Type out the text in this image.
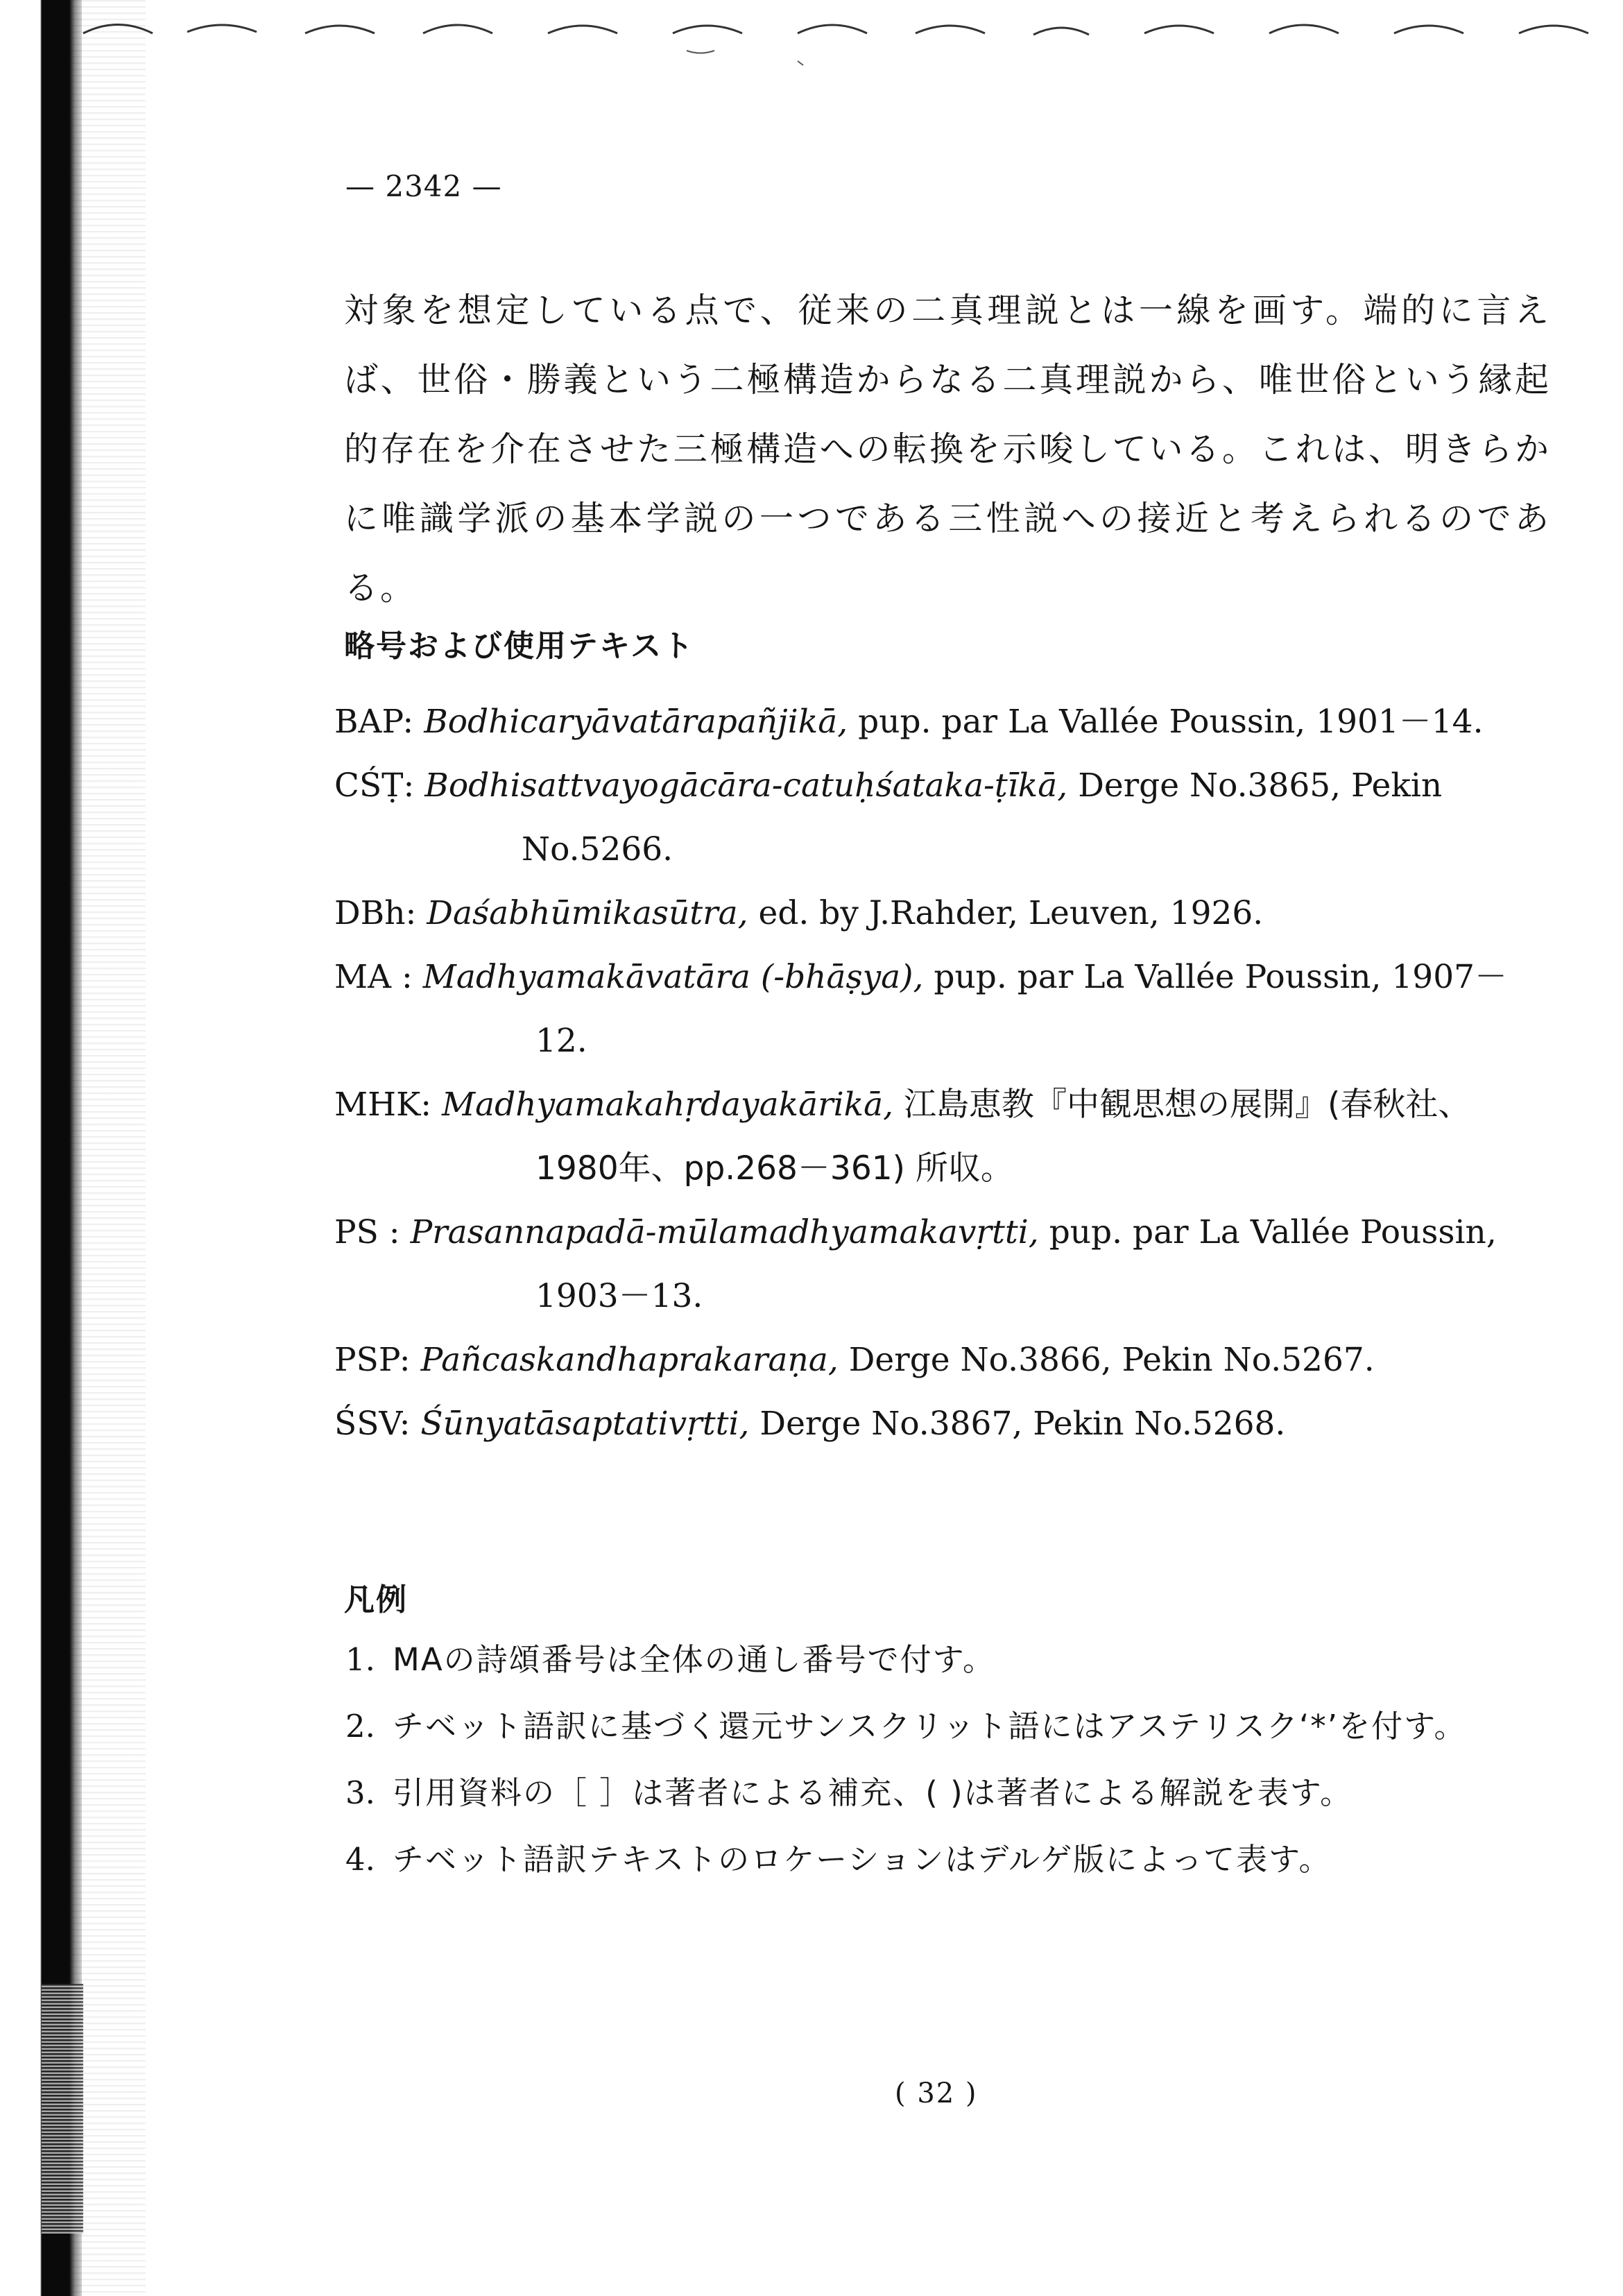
— 2342 —

対象を想定している点で、従来の二真理説とは一線を画す。端的に言えば、世俗・勝義という二極構造からなる二真理説から、唯世俗という縁起的存在を介在させた三極構造への転換を示唆している。これは、明きらかに唯識学派の基本学説の一つである三性説への接近と考えられるのである。

略号および使用テキスト
BAP: Bodhicaryāvatārapañjikā, pup. par La Vallée Poussin, 1901－14.
CŚṬ: Bodhisattvayogācāra-catuḥśataka-ṭīkā, Derge No.3865, Pekin
No.5266.
DBh: Daśabhūmikasūtra, ed. by J.Rahder, Leuven, 1926.
MA : Madhyamakāvatāra (-bhāṣya), pup. par La Vallée Poussin, 1907－
12.
MHK: Madhyamakahṛdayakārikā, 江島恵教『中観思想の展開』(春秋社、
1980年、pp.268－361) 所収。
PS : Prasannapadā-mūlamadhyamakavṛtti, pup. par La Vallée Poussin,
1903－13.
PSP: Pañcaskandhaprakaraṇa, Derge No.3866, Pekin No.5267.
ŚSV: Śūnyatāsaptativṛtti, Derge No.3867, Pekin No.5268.
凡例
1. MAの詩頌番号は全体の通し番号で付す。
2. チベット語訳に基づく還元サンスクリット語にはアステリスク‘*’を付す。
3. 引用資料の［ ］は著者による補充、( )は著者による解説を表す。
4. チベット語訳テキストのロケーションはデルゲ版によって表す。
( 32 )
